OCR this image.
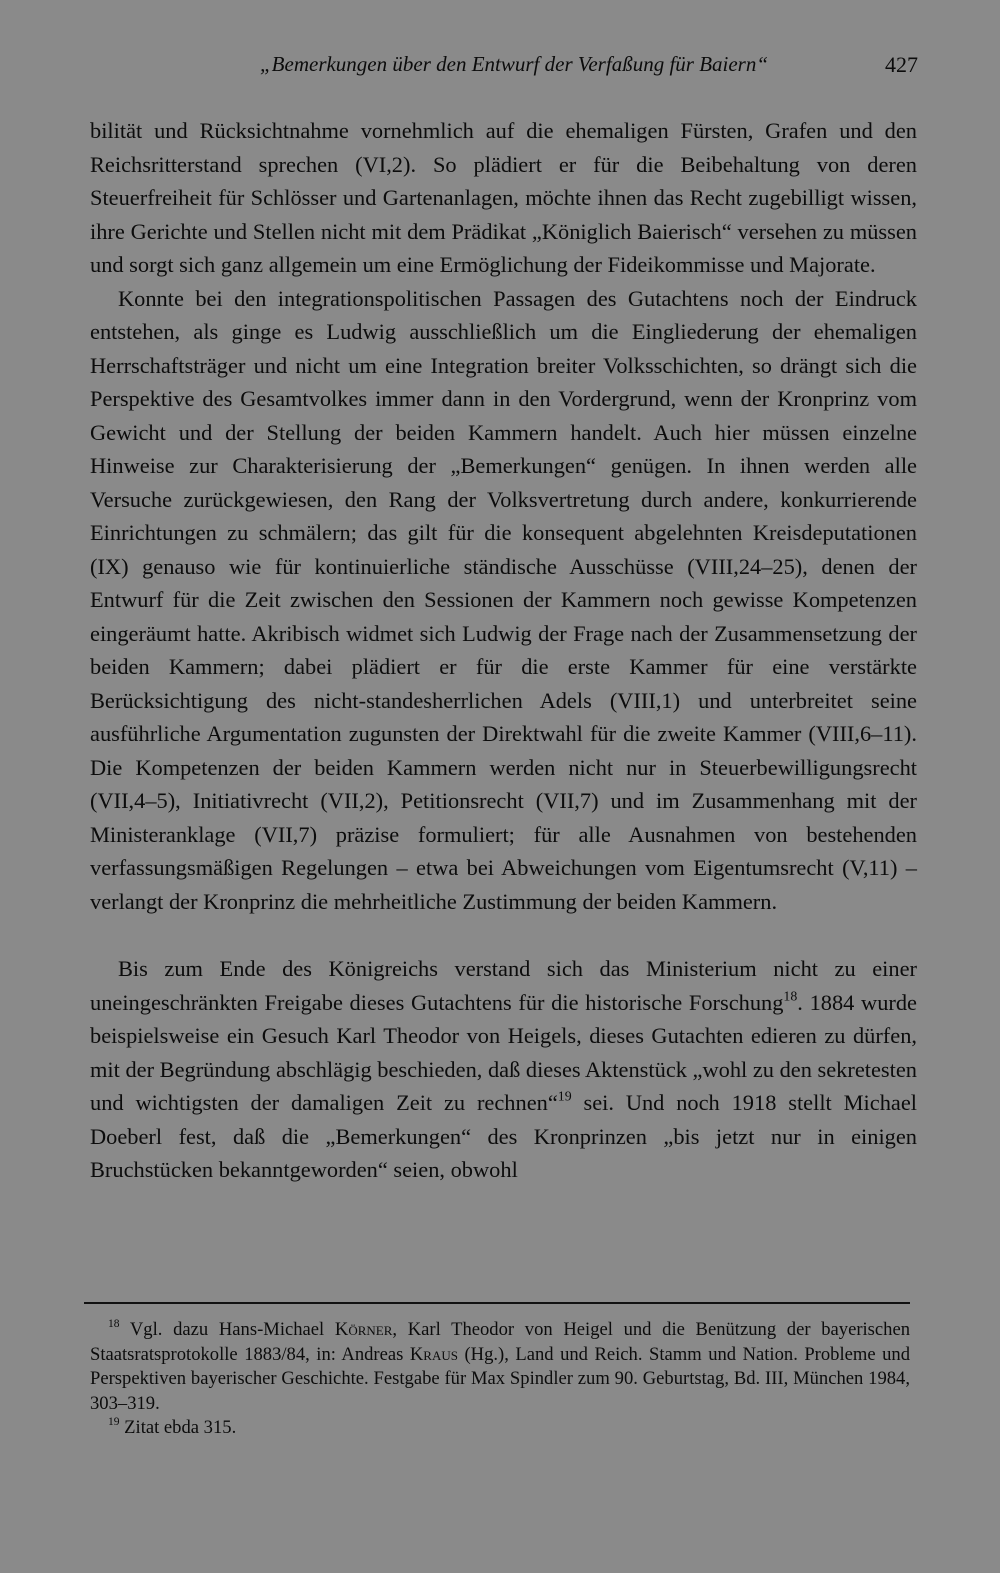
„Bemerkungen über den Entwurf der Verfaßung für Baiern“	427

bilität und Rücksichtnahme vornehmlich auf die ehemaligen Fürsten, Grafen und den Reichsritterstand sprechen (VI,2). So plädiert er für die Beibehaltung von deren Steuerfreiheit für Schlösser und Gartenanlagen, möchte ihnen das Recht zugebilligt wissen, ihre Gerichte und Stellen nicht mit dem Prädikat „Königlich Baierisch“ versehen zu müssen und sorgt sich ganz allgemein um eine Ermöglichung der Fideikommisse und Majorate.

Konnte bei den integrationspolitischen Passagen des Gutachtens noch der Eindruck entstehen, als ginge es Ludwig ausschließlich um die Eingliederung der ehemaligen Herrschaftsträger und nicht um eine Integration breiter Volksschichten, so drängt sich die Perspektive des Gesamtvolkes immer dann in den Vordergrund, wenn der Kronprinz vom Gewicht und der Stellung der beiden Kammern handelt. Auch hier müssen einzelne Hinweise zur Charakterisierung der „Bemerkungen“ genügen. In ihnen werden alle Versuche zurückgewiesen, den Rang der Volksvertretung durch andere, konkurrierende Einrichtungen zu schmälern; das gilt für die konsequent abgelehnten Kreisdeputationen (IX) genauso wie für kontinuierliche ständische Ausschüsse (VIII,24–25), denen der Entwurf für die Zeit zwischen den Sessionen der Kammern noch gewisse Kompetenzen eingeräumt hatte. Akribisch widmet sich Ludwig der Frage nach der Zusammensetzung der beiden Kammern; dabei plädiert er für die erste Kammer für eine verstärkte Berücksichtigung des nicht-standesherrlichen Adels (VIII,1) und unterbreitet seine ausführliche Argumentation zugunsten der Direktwahl für die zweite Kammer (VIII,6–11). Die Kompetenzen der beiden Kammern werden nicht nur in Steuerbewilligungsrecht (VII,4–5), Initiativrecht (VII,2), Petitionsrecht (VII,7) und im Zusammenhang mit der Ministeranklage (VII,7) präzise formuliert; für alle Ausnahmen von bestehenden verfassungsmäßigen Regelungen – etwa bei Abweichungen vom Eigentumsrecht (V,11) – verlangt der Kronprinz die mehrheitliche Zustimmung der beiden Kammern.

Bis zum Ende des Königreichs verstand sich das Ministerium nicht zu einer uneingeschränkten Freigabe dieses Gutachtens für die historische Forschung$^{18}$. 1884 wurde beispielsweise ein Gesuch Karl Theodor von Heigels, dieses Gutachten edieren zu dürfen, mit der Begründung abschlägig beschieden, daß dieses Aktenstück „wohl zu den sekretesten und wichtigsten der damaligen Zeit zu rechnen“$^{19}$ sei. Und noch 1918 stellt Michael Doeberl fest, daß die „Bemerkungen“ des Kronprinzen „bis jetzt nur in einigen Bruchstücken bekanntgeworden“ seien, obwohl

$^{18}$ Vgl. dazu Hans-Michael Körner, Karl Theodor von Heigel und die Benützung der bayerischen Staatsratsprotokolle 1883/84, in: Andreas Kraus (Hg.), Land und Reich. Stamm und Nation. Probleme und Perspektiven bayerischer Geschichte. Festgabe für Max Spindler zum 90. Geburtstag, Bd. III, München 1984, 303–319.

$^{19}$ Zitat ebda 315.
